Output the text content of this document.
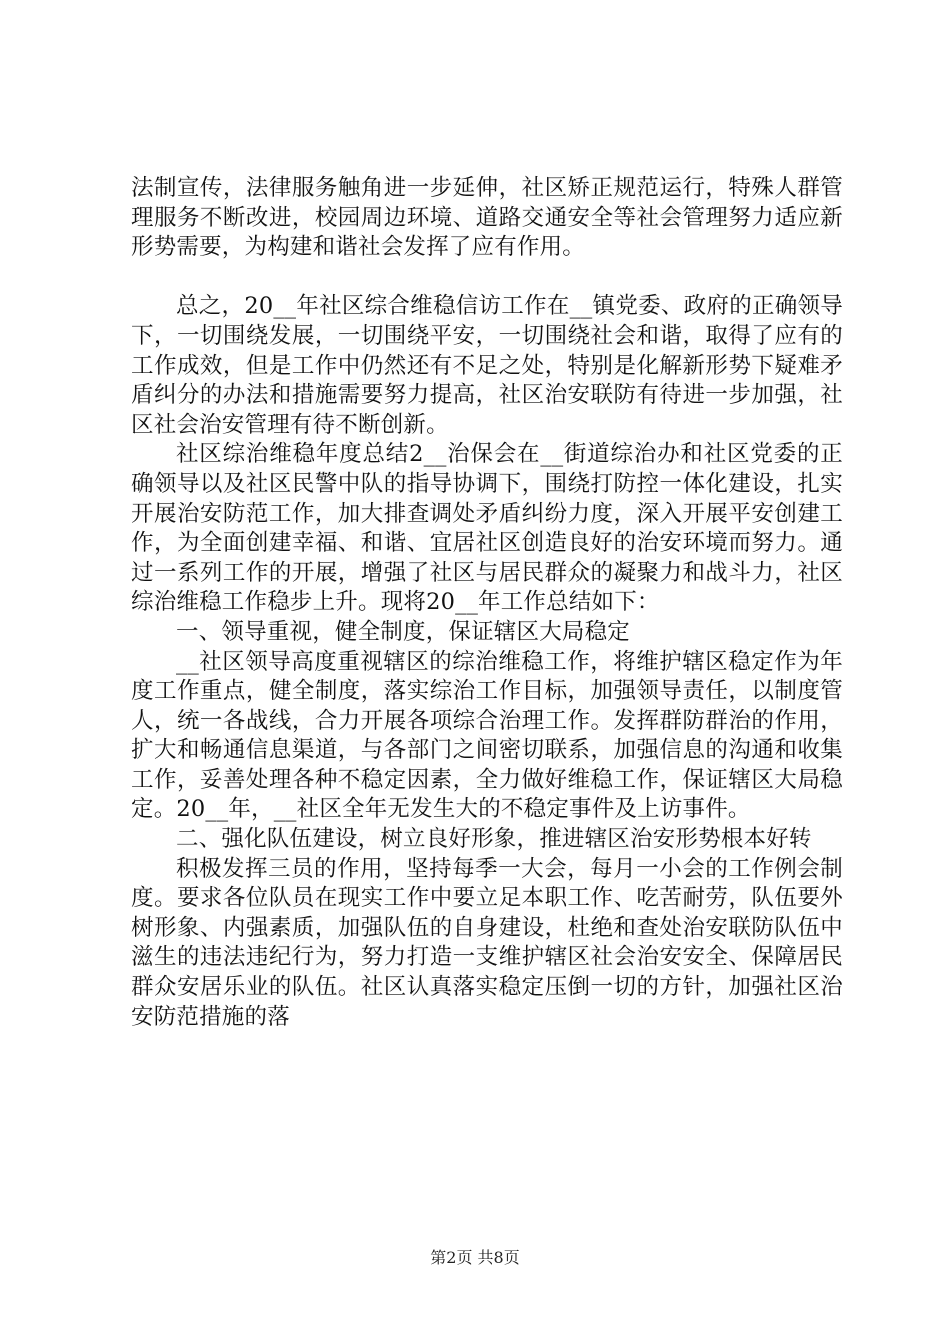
法制宣传，法律服务触角进一步延伸，社区矫正规范运行，特殊人群管理服务不断改进，校园周边环境、道路交通安全等社会管理努力适应新形势需要，为构建和谐社会发挥了应有作用。

总之，20__年社区综合维稳信访工作在__镇党委、政府的正确领导下，一切围绕发展，一切围绕平安，一切围绕社会和谐，取得了应有的工作成效，但是工作中仍然还有不足之处，特别是化解新形势下疑难矛盾纠分的办法和措施需要努力提高，社区治安联防有待进一步加强，社区社会治安管理有待不断创新。

社区综治维稳年度总结2__治保会在__街道综治办和社区党委的正确领导以及社区民警中队的指导协调下，围绕打防控一体化建设，扎实开展治安防范工作，加大排查调处矛盾纠纷力度，深入开展平安创建工作，为全面创建幸福、和谐、宜居社区创造良好的治安环境而努力。通过一系列工作的开展，增强了社区与居民群众的凝聚力和战斗力，社区综治维稳工作稳步上升。现将20__年工作总结如下：

一、领导重视，健全制度，保证辖区大局稳定

__社区领导高度重视辖区的综治维稳工作，将维护辖区稳定作为年度工作重点，健全制度，落实综治工作目标，加强领导责任，以制度管人，统一各战线，合力开展各项综合治理工作。发挥群防群治的作用，扩大和畅通信息渠道，与各部门之间密切联系，加强信息的沟通和收集工作，妥善处理各种不稳定因素，全力做好维稳工作，保证辖区大局稳定。20__年，__社区全年无发生大的不稳定事件及上访事件。

二、强化队伍建设，树立良好形象，推进辖区治安形势根本好转

积极发挥三员的作用，坚持每季一大会，每月一小会的工作例会制度。要求各位队员在现实工作中要立足本职工作、吃苦耐劳，队伍要外树形象、内强素质，加强队伍的自身建设，杜绝和查处治安联防队伍中滋生的违法违纪行为，努力打造一支维护辖区社会治安安全、保障居民群众安居乐业的队伍。社区认真落实稳定压倒一切的方针，加强社区治安防范措施的落

第2页 共8页
